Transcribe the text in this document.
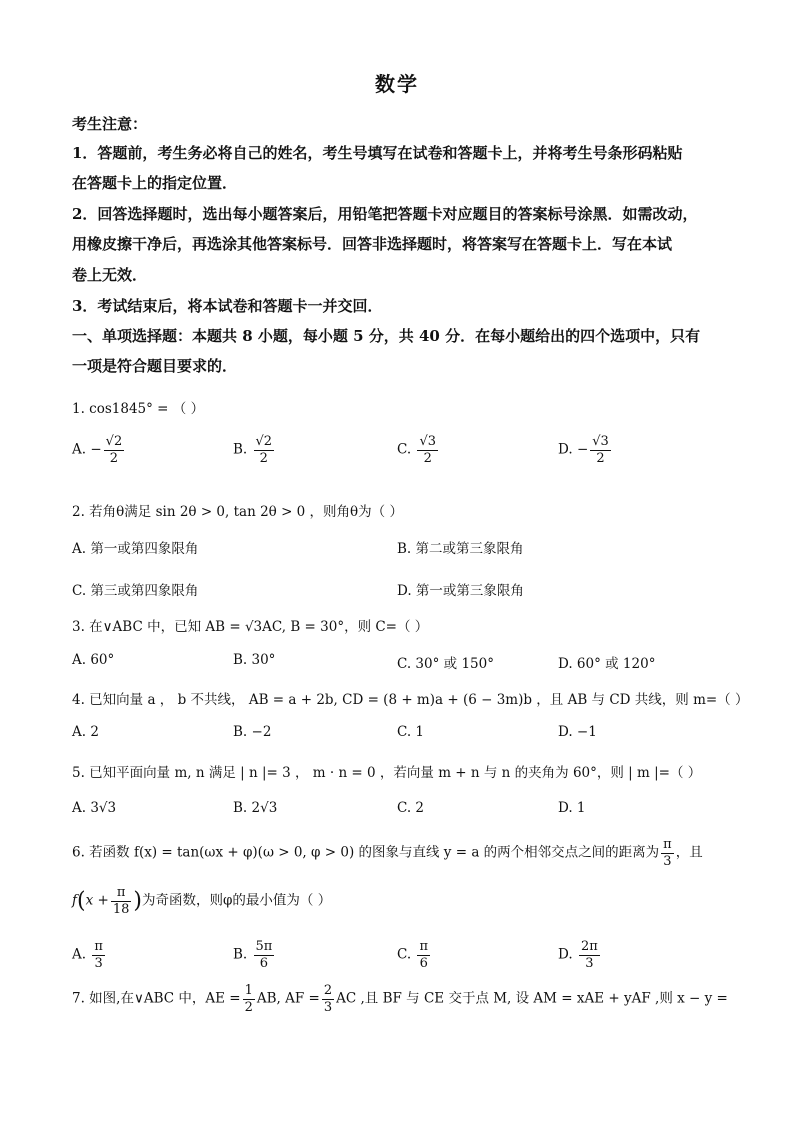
数学
考生注意：
1．答题前，考生务必将自己的姓名，考生号填写在试卷和答题卡上，并将考生号条形码粘贴
在答题卡上的指定位置．
2．回答选择题时，选出每小题答案后，用铅笔把答题卡对应题目的答案标号涂黑．如需改动，
用橡皮擦干净后，再选涂其他答案标号．回答非选择题时，将答案写在答题卡上．写在本试
卷上无效．
3．考试结束后，将本试卷和答题卡一并交回．
一、单项选择题：本题共 8 小题，每小题 5 分，共 40 分．在每小题给出的四个选项中，只有
一项是符合题目要求的．
1. cos1845° = （ ）
A. − $\frac{√2}{2}$	B. $\frac{√2}{2}$	C. $\frac{√3}{2}$	D. − $\frac{√3}{2}$
2. 若角θ满足 sin 2θ > 0, tan 2θ > 0 ，则角θ为（ ）
A. 第一或第四象限角	B. 第二或第三象限角
C. 第三或第四象限角	D. 第一或第三象限角
3. 在∨ABC 中，已知 AB = √3AC, B = 30°，则 C=（ ）
A. 60°	B. 30°	C. 30° 或 150°	D. 60° 或 120°
4. 已知向量 a ， b 不共线， AB = a + 2b, CD = (8 + m)a + (6 − 3m)b ，且 AB 与 CD 共线，则 m=（ ）
A. 2	B. −2	C. 1	D. −1
5. 已知平面向量 m, n 满足 | n |= 3 ， m · n = 0 ，若向量 m + n 与 n 的夹角为 60°，则 | m |=（ ）
A. 3√3	B. 2√3	C. 2	D. 1
6. 若函数 f(x) = tan(ωx + φ)(ω > 0, φ > 0) 的图象与直线 y = a 的两个相邻交点之间的距离为 $\frac{\pi}{3}$ ，且
$f(x + \frac{\pi}{18}$ )为奇函数，则φ的最小值为（ ）
A. $\frac{\pi}{3}$	B. $\frac{5\pi}{6}$	C. $\frac{\pi}{6}$	D. $\frac{2\pi}{3}$
7. 如图,在∨ABC 中，AE = $\frac{1}{2}$ AB, AF = $\frac{2}{3}$ AC ,且 BF 与 CE 交于点 M, 设 AM = xAE + yAF ,则 x − y =
